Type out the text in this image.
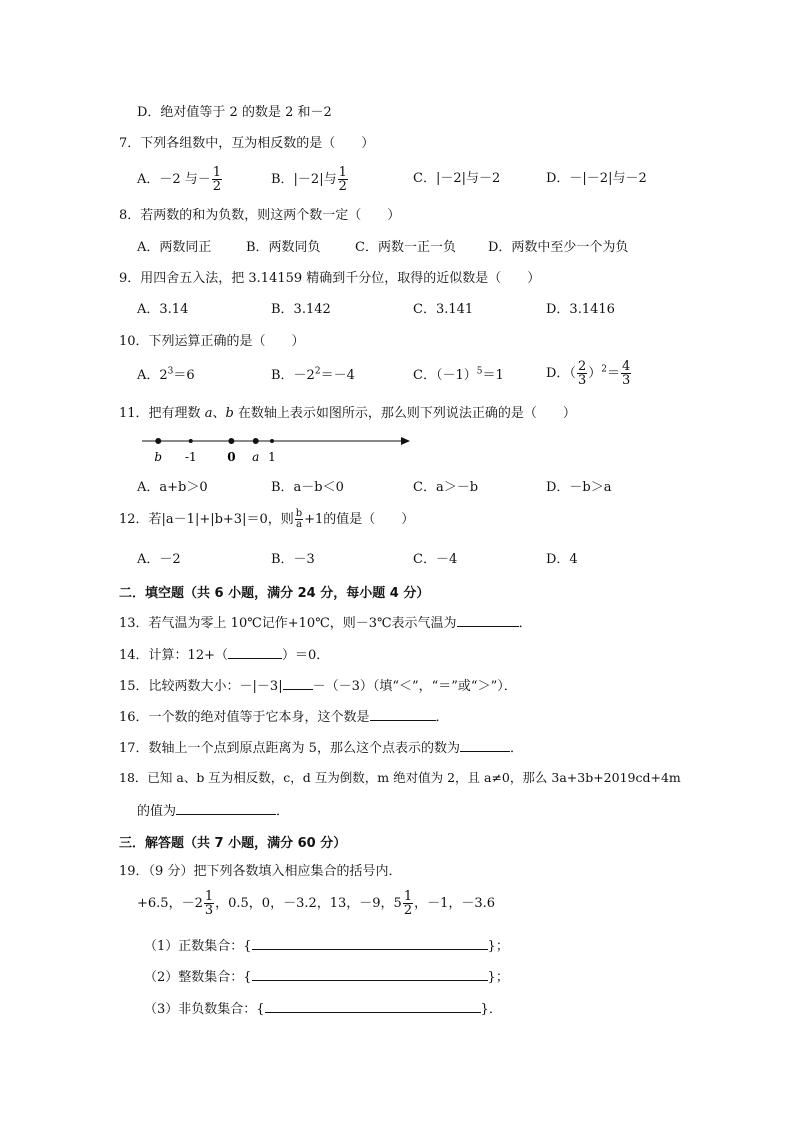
D．绝对值等于 2 的数是 2 和－2
7．下列各组数中，互为相反数的是（　　）
A．－2 与－ $\frac{1}{2}$	B．|－2|与 $\frac{1}{2}$	C．|－2|与－2	D．－|－2|与－2
8．若两数的和为负数，则这两个数一定（　　）
A．两数同正	B．两数同负	C．两数一正一负 D．两数中至少一个为负
9．用四舍五入法，把 3.14159 精确到千分位，取得的近似数是（　　）
A．3.14	B．3.142	C．3.141	D．3.1416
10．下列运算正确的是（　　）
A．$2^3=6$	B．$-2^2=-4$	C．$(-1)^5=1$	D．（ $\frac{2}{3} )^2= \frac{4}{3}$
11．把有理数 a、b 在数轴上表示如图所示，那么则下列说法正确的是（　　）
b -1	0 a 1
A．a+b＞0	B．a－b＜0	C．a＞－b	D．－b＞a
12．若|a－1|+|b+3|＝0，则 $\frac{b}{a} +1$的值是（　　）
A．－2	B．－3	C．－4	D．4
二．填空题（共 6 小题，满分 24 分，每小题 4 分）
13．若气温为零上 10℃记作+10℃，则－3℃表示气温为	．
14．计算：12+（	）＝0．
15．比较两数大小：－|－3| －（－3）（填“＜”，“＝”或“＞”）．
16．一个数的绝对值等于它本身，这个数是	．
17．数轴上一个点到原点距离为 5，那么这个点表示的数为	．
18．已知 a、b 互为相反数，c，d 互为倒数，m 绝对值为 2，且 a≠0，那么 3a+3b+2019cd+4m
的值为	．
三．解答题（共 7 小题，满分 60 分）
19．（9 分）把下列各数填入相应集合的括号内．
+6.5，$-2 \frac{1}{3}$ ，0.5，0，－3.2，13，－9，$5 \frac{1}{2}$ ，－1，－3.6
（1）正数集合：{	}；
（2）整数集合：{	}；
（3）非负数集合：{	}．
